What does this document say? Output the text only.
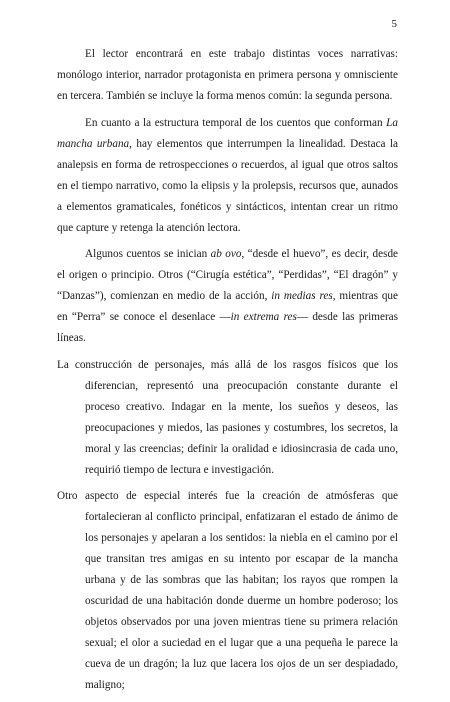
5

El lector encontrará en este trabajo distintas voces narrativas: monólogo interior, narrador protagonista en primera persona y omnisciente en tercera. También se incluye la forma menos común: la segunda persona.

En cuanto a la estructura temporal de los cuentos que conforman La mancha urbana, hay elementos que interrumpen la linealidad. Destaca la analepsis en forma de retrospecciones o recuerdos, al igual que otros saltos en el tiempo narrativo, como la elipsis y la prolepsis, recursos que, aunados a elementos gramaticales, fonéticos y sintácticos, intentan crear un ritmo que capture y retenga la atención lectora.

Algunos cuentos se inician ab ovo, “desde el huevo”, es decir, desde el origen o principio. Otros (“Cirugía estética”, “Perdidas”, “El dragón” y “Danzas”), comienzan en medio de la acción, in medias res, mientras que en “Perra” se conoce el desenlace —in extrema res— desde las primeras líneas.

La construcción de personajes, más allá de los rasgos físicos que los diferencian, representó una preocupación constante durante el proceso creativo. Indagar en la mente, los sueños y deseos, las preocupaciones y miedos, las pasiones y costumbres, los secretos, la moral y las creencias; definir la oralidad e idiosincrasia de cada uno, requirió tiempo de lectura e investigación.

Otro aspecto de especial interés fue la creación de atmósferas que fortalecieran al conflicto principal, enfatizaran el estado de ánimo de los personajes y apelaran a los sentidos: la niebla en el camino por el que transitan tres amigas en su intento por escapar de la mancha urbana y de las sombras que las habitan; los rayos que rompen la oscuridad de una habitación donde duerme un hombre poderoso; los objetos observados por una joven mientras tiene su primera relación sexual; el olor a suciedad en el lugar que a una pequeña le parece la cueva de un dragón; la luz que lacera los ojos de un ser despiadado, maligno;
